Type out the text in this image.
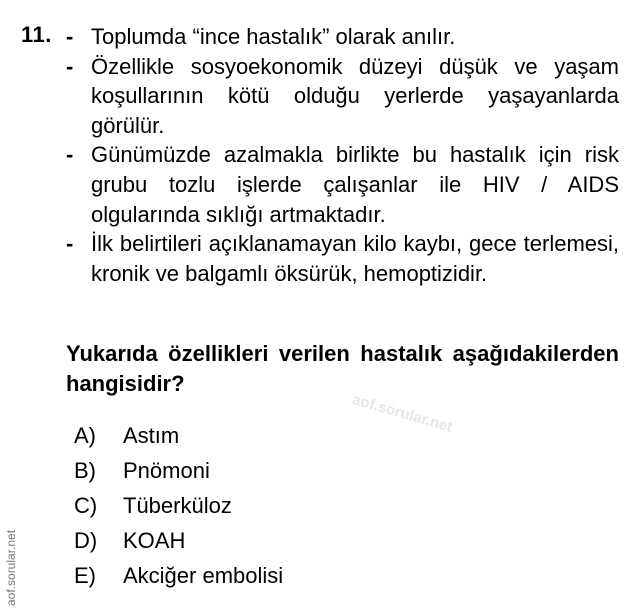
11. - Toplumda “ince hastalık” olarak anılır.
- Özellikle sosyoekonomik düzeyi düşük ve yaşam koşullarının kötü olduğu yerlerde yaşayanlarda görülür.
- Günümüzde azalmakla birlikte bu hastalık için risk grubu tozlu işlerde çalışanlar ile HIV / AIDS olgularında sıklığı artmaktadır.
- İlk belirtileri açıklanamayan kilo kaybı, gece terlemesi, kronik ve balgamlı öksürük, hemoptizidir.
Yukarıda özellikleri verilen hastalık aşağıdakilerden hangisidir?
aof.sorular.net
A)	Astım
B)	Pnömoni
C)	Tüberküloz
D)	KOAH
E)	Akciğer embolisi
aof.sorular.net
